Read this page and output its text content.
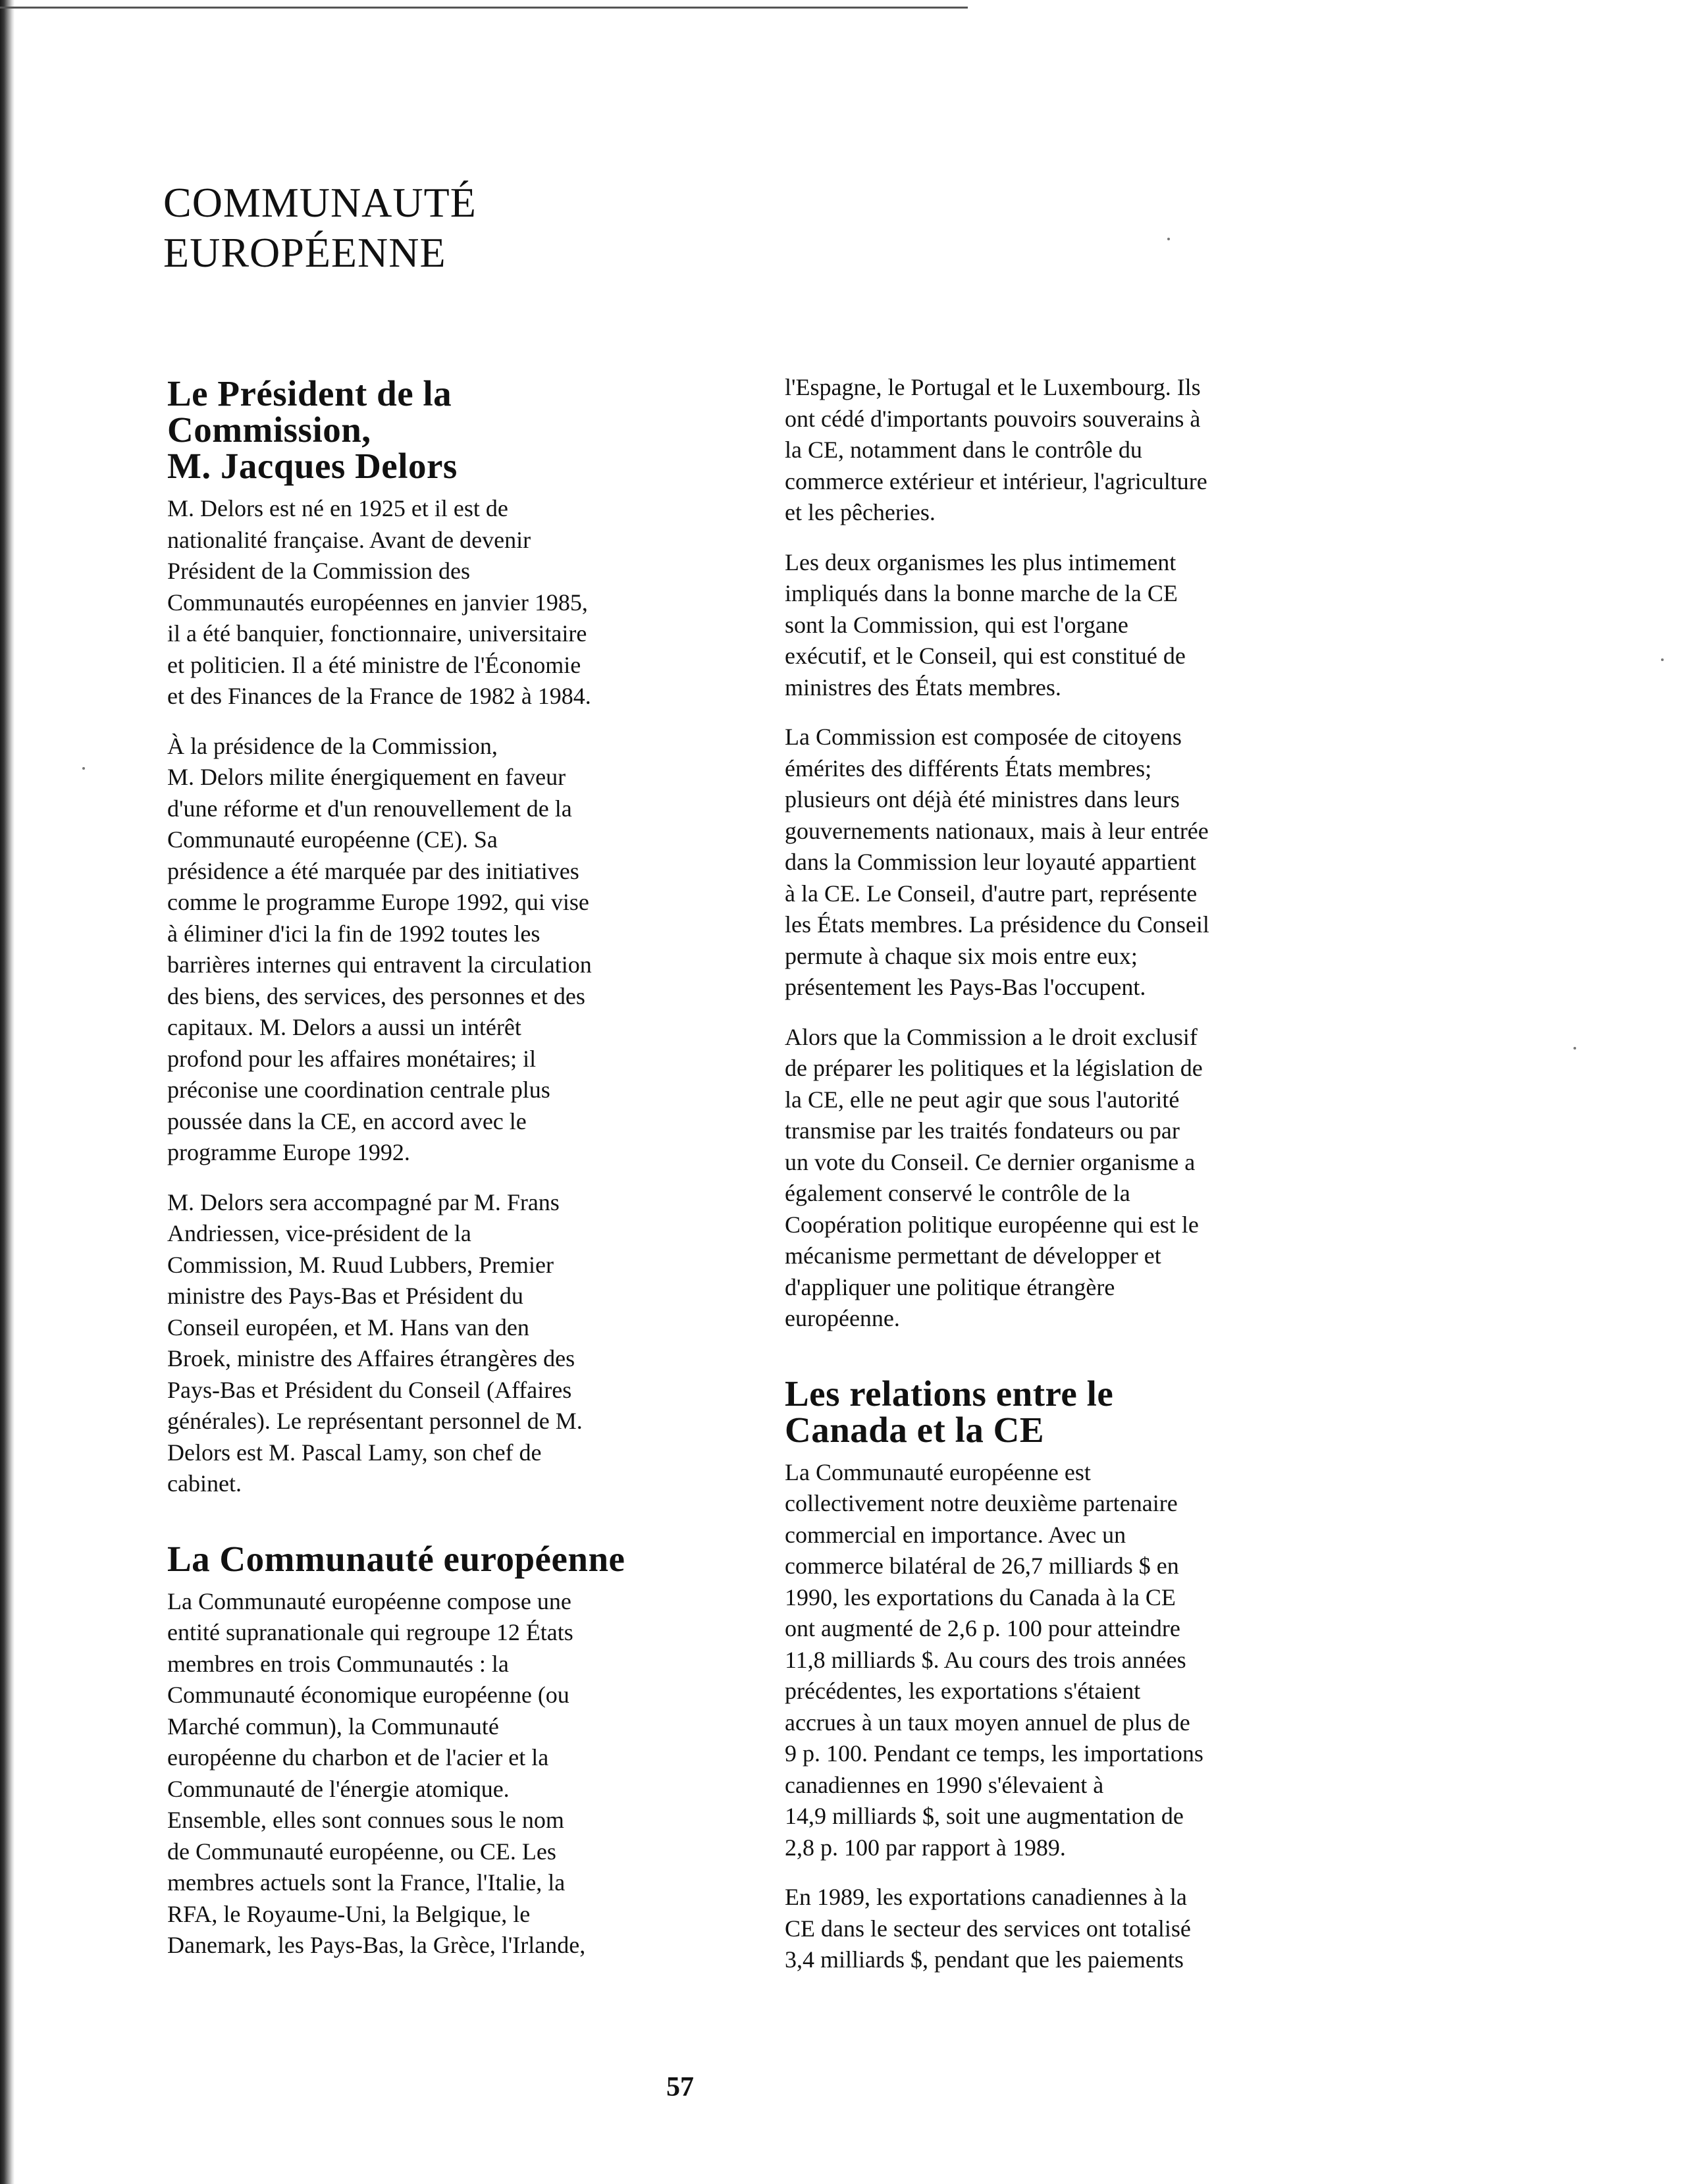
COMMUNAUTÉ
EUROPÉENNE
Le Président de la
Commission,
M. Jacques Delors

M. Delors est né en 1925 et il est de
nationalité française. Avant de devenir
Président de la Commission des
Communautés européennes en janvier 1985,
il a été banquier, fonctionnaire, universitaire
et politicien. Il a été ministre de l'Économie
et des Finances de la France de 1982 à 1984.

À la présidence de la Commission,
M. Delors milite énergiquement en faveur
d'une réforme et d'un renouvellement de la
Communauté européenne (CE). Sa
présidence a été marquée par des initiatives
comme le programme Europe 1992, qui vise
à éliminer d'ici la fin de 1992 toutes les
barrières internes qui entravent la circulation
des biens, des services, des personnes et des
capitaux. M. Delors a aussi un intérêt
profond pour les affaires monétaires; il
préconise une coordination centrale plus
poussée dans la CE, en accord avec le
programme Europe 1992.

M. Delors sera accompagné par M. Frans
Andriessen, vice-président de la
Commission, M. Ruud Lubbers, Premier
ministre des Pays-Bas et Président du
Conseil européen, et M. Hans van den
Broek, ministre des Affaires étrangères des
Pays-Bas et Président du Conseil (Affaires
générales). Le représentant personnel de M.
Delors est M. Pascal Lamy, son chef de
cabinet.

La Communauté européenne

La Communauté européenne compose une
entité supranationale qui regroupe 12 États
membres en trois Communautés : la
Communauté économique européenne (ou
Marché commun), la Communauté
européenne du charbon et de l'acier et la
Communauté de l'énergie atomique.
Ensemble, elles sont connues sous le nom
de Communauté européenne, ou CE. Les
membres actuels sont la France, l'Italie, la
RFA, le Royaume-Uni, la Belgique, le
Danemark, les Pays-Bas, la Grèce, l'Irlande,

l'Espagne, le Portugal et le Luxembourg. Ils
ont cédé d'importants pouvoirs souverains à
la CE, notamment dans le contrôle du
commerce extérieur et intérieur, l'agriculture
et les pêcheries.

Les deux organismes les plus intimement
impliqués dans la bonne marche de la CE
sont la Commission, qui est l'organe
exécutif, et le Conseil, qui est constitué de
ministres des États membres.

La Commission est composée de citoyens
émérites des différents États membres;
plusieurs ont déjà été ministres dans leurs
gouvernements nationaux, mais à leur entrée
dans la Commission leur loyauté appartient
à la CE. Le Conseil, d'autre part, représente
les États membres. La présidence du Conseil
permute à chaque six mois entre eux;
présentement les Pays-Bas l'occupent.

Alors que la Commission a le droit exclusif
de préparer les politiques et la législation de
la CE, elle ne peut agir que sous l'autorité
transmise par les traités fondateurs ou par
un vote du Conseil. Ce dernier organisme a
également conservé le contrôle de la
Coopération politique européenne qui est le
mécanisme permettant de développer et
d'appliquer une politique étrangère
européenne.

Les relations entre le
Canada et la CE

La Communauté européenne est
collectivement notre deuxième partenaire
commercial en importance. Avec un
commerce bilatéral de 26,7 milliards $ en
1990, les exportations du Canada à la CE
ont augmenté de 2,6 p. 100 pour atteindre
11,8 milliards $. Au cours des trois années
précédentes, les exportations s'étaient
accrues à un taux moyen annuel de plus de
9 p. 100. Pendant ce temps, les importations
canadiennes en 1990 s'élevaient à
14,9 milliards $, soit une augmentation de
2,8 p. 100 par rapport à 1989.

En 1989, les exportations canadiennes à la
CE dans le secteur des services ont totalisé
3,4 milliards $, pendant que les paiements

57
